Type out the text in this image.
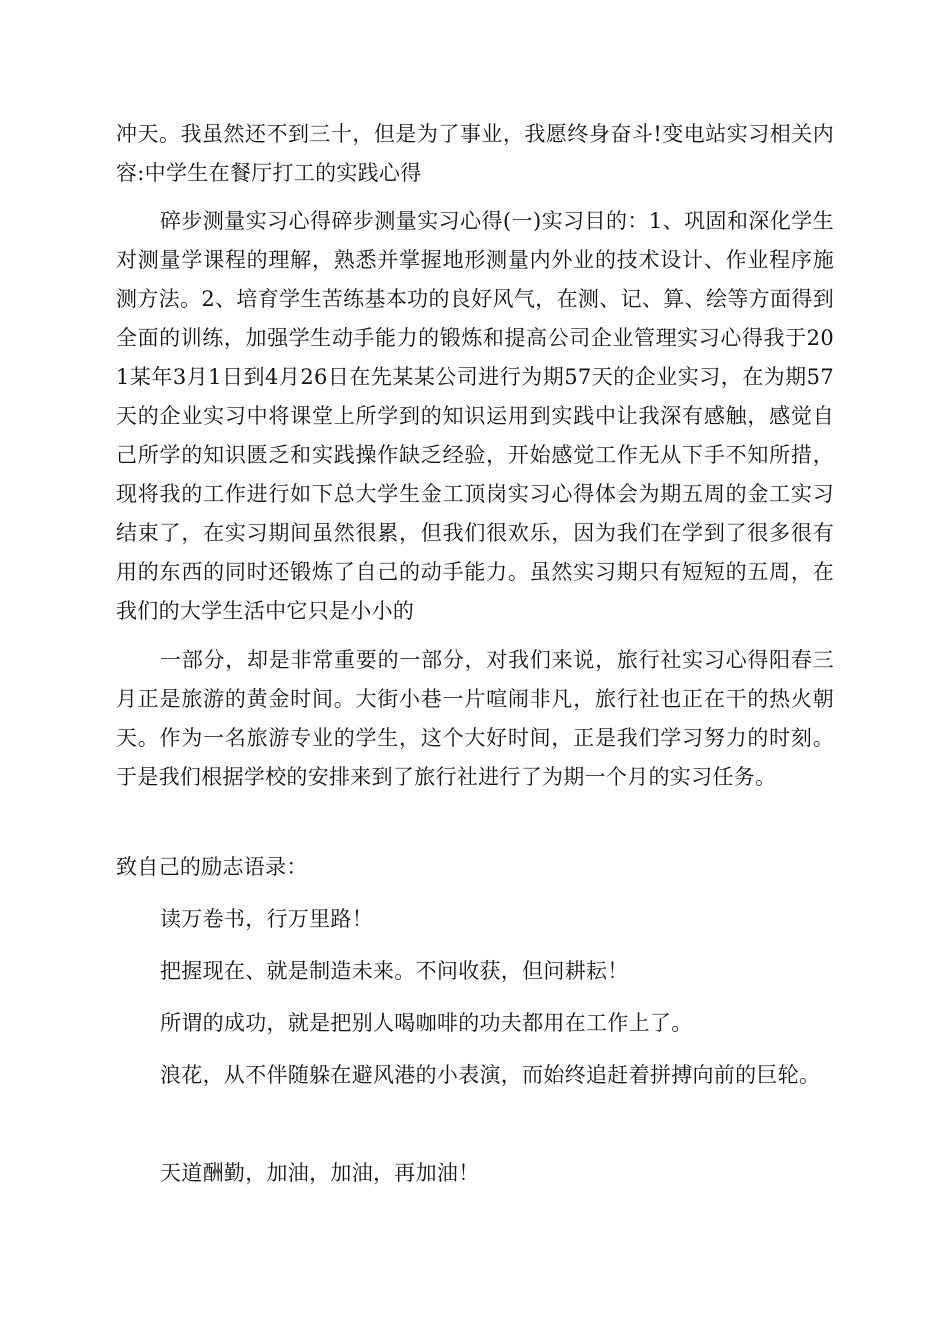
冲天。我虽然还不到三十，但是为了事业，我愿终身奋斗!变电站实习相关内容:中学生在餐厅打工的实践心得

碎步测量实习心得碎步测量实习心得(一)实习目的：1、巩固和深化学生对测量学课程的理解，熟悉并掌握地形测量内外业的技术设计、作业程序施测方法。2、培育学生苦练基本功的良好风气，在测、记、算、绘等方面得到全面的训练，加强学生动手能力的锻炼和提高公司企业管理实习心得我于201某年3月1日到4月26日在先某某公司进行为期57天的企业实习，在为期57天的企业实习中将课堂上所学到的知识运用到实践中让我深有感触，感觉自己所学的知识匮乏和实践操作缺乏经验，开始感觉工作无从下手不知所措，现将我的工作进行如下总大学生金工顶岗实习心得体会为期五周的金工实习结束了，在实习期间虽然很累，但我们很欢乐，因为我们在学到了很多很有用的东西的同时还锻炼了自己的动手能力。虽然实习期只有短短的五周，在我们的大学生活中它只是小小的

一部分，却是非常重要的一部分，对我们来说，旅行社实习心得阳春三月正是旅游的黄金时间。大街小巷一片喧闹非凡，旅行社也正在干的热火朝天。作为一名旅游专业的学生，这个大好时间，正是我们学习努力的时刻。于是我们根据学校的安排来到了旅行社进行了为期一个月的实习任务。

致自己的励志语录：

读万卷书，行万里路！

把握现在、就是制造未来。不问收获，但问耕耘！

所谓的成功，就是把别人喝咖啡的功夫都用在工作上了。

浪花，从不伴随躲在避风港的小表演，而始终追赶着拼搏向前的巨轮。

天道酬勤，加油，加油，再加油！
